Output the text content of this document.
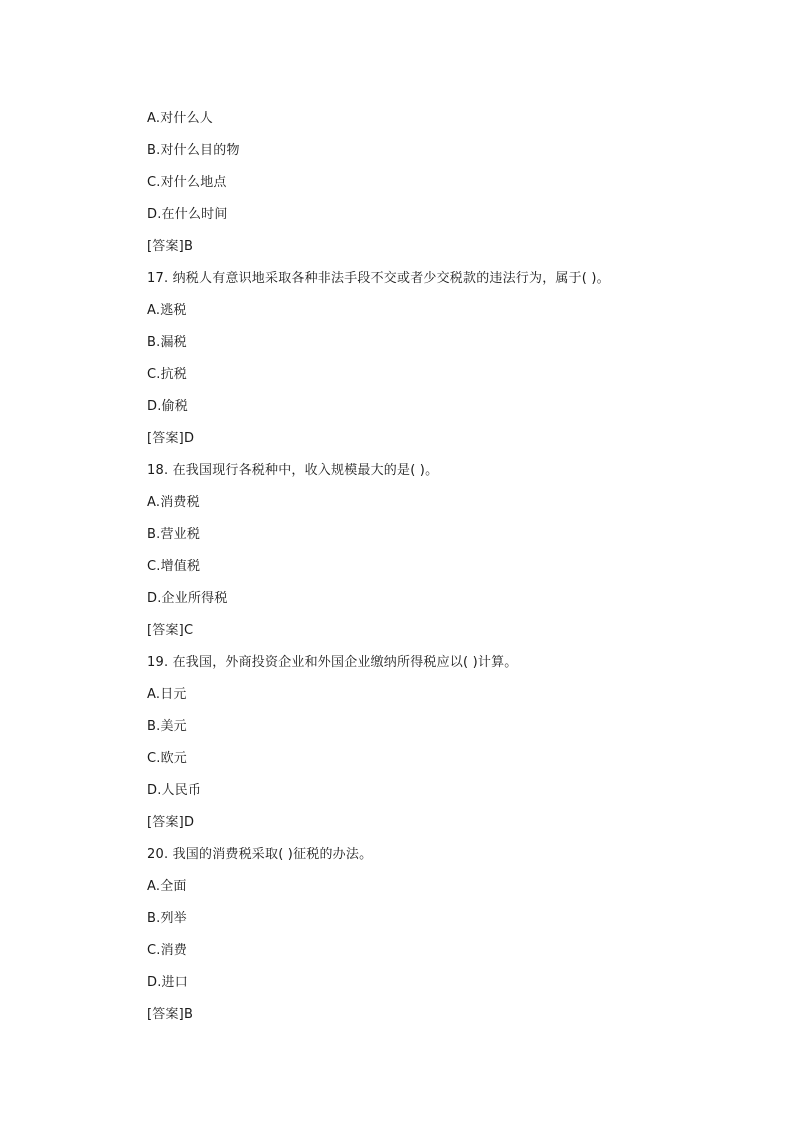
A.对什么人
B.对什么目的物
C.对什么地点
D.在什么时间
[答案]B
17. 纳税人有意识地采取各种非法手段不交或者少交税款的违法行为，属于( )。
A.逃税
B.漏税
C.抗税
D.偷税
[答案]D
18. 在我国现行各税种中，收入规模最大的是( )。
A.消费税
B.营业税
C.增值税
D.企业所得税
[答案]C
19. 在我国，外商投资企业和外国企业缴纳所得税应以( )计算。
A.日元
B.美元
C.欧元
D.人民币
[答案]D
20. 我国的消费税采取( )征税的办法。
A.全面
B.列举
C.消费
D.进口
[答案]B
